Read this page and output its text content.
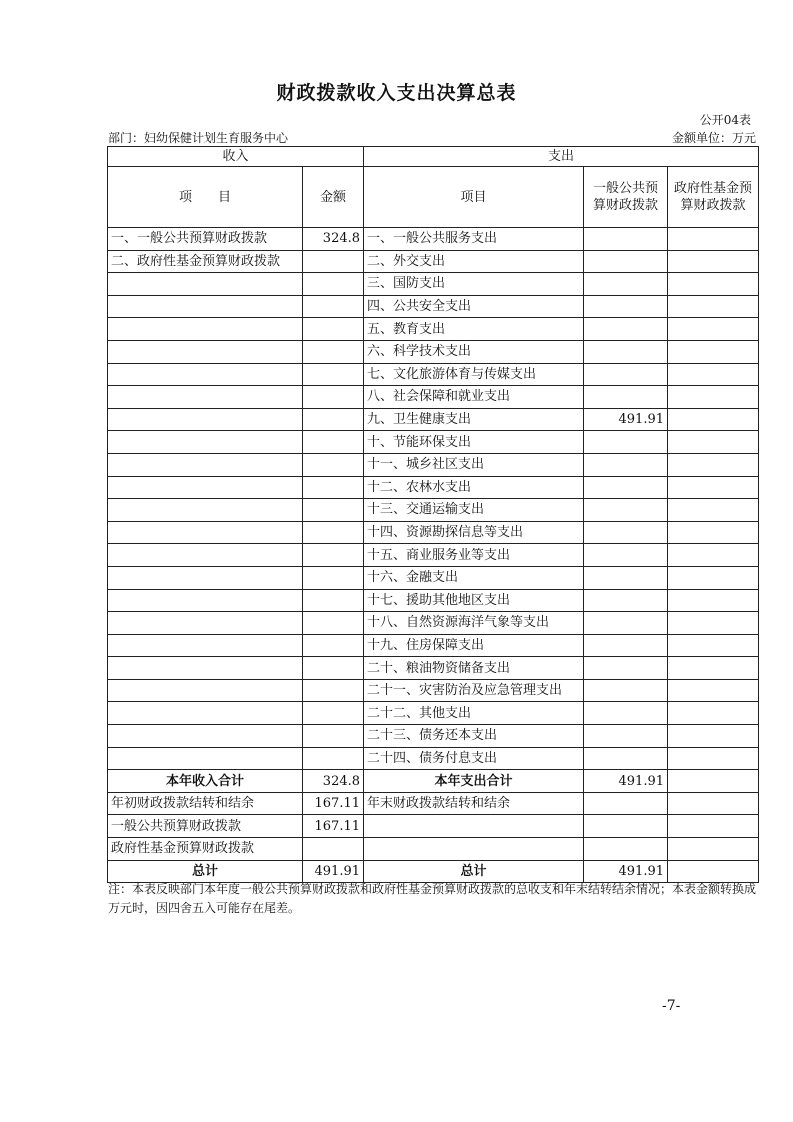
财政拨款收入支出决算总表
公开04表
部门：妇幼保健计划生育服务中心	金额单位：万元
收入		支出		
项　　目	金额	项目	一般公共预算财政拨款	政府性基金预算财政拨款
一、一般公共预算财政拨款	324.8	一、一般公共服务支出		
二、政府性基金预算财政拨款		二、外交支出		
		三、国防支出		
		四、公共安全支出		
		五、教育支出		
		六、科学技术支出		
		七、文化旅游体育与传媒支出		
		八、社会保障和就业支出		
		九、卫生健康支出	491.91	
		十、节能环保支出		
		十一、城乡社区支出		
		十二、农林水支出		
		十三、交通运输支出		
		十四、资源勘探信息等支出		
		十五、商业服务业等支出		
		十六、金融支出		
		十七、援助其他地区支出		
		十八、自然资源海洋气象等支出		
		十九、住房保障支出		
		二十、粮油物资储备支出		
		二十一、灾害防治及应急管理支出		
		二十二、其他支出		
		二十三、债务还本支出		
		二十四、债务付息支出		
本年收入合计	324.8	本年支出合计	491.91	
年初财政拨款结转和结余	167.11	年末财政拨款结转和结余		
一般公共预算财政拨款	167.11			
政府性基金预算财政拨款				
总计	491.91	总计	491.91	
注：本表反映部门本年度一般公共预算财政拨款和政府性基金预算财政拨款的总收支和年末结转结余情况；本表金额转换成万元时，因四舍五入可能存在尾差。
-7-
